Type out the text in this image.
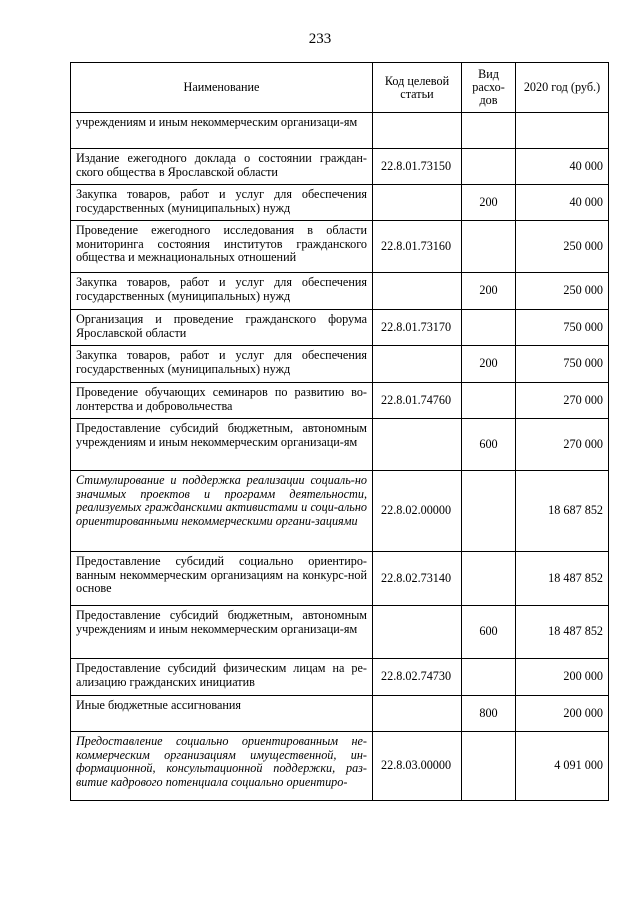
233
Наименование	Код целевой статьи	Вид расхо-дов	2020 год (руб.)
учреждениям и иным некоммерческим организаци-ям			
Издание ежегодного доклада о состоянии граждан-ского общества в Ярославской области	22.8.01.73150		40 000
Закупка товаров, работ и услуг для обеспечения государственных (муниципальных) нужд		200	40 000
Проведение ежегодного исследования в области мониторинга состояния институтов гражданского общества и межнациональных отношений	22.8.01.73160		250 000
Закупка товаров, работ и услуг для обеспечения государственных (муниципальных) нужд		200	250 000
Организация и проведение гражданского форума Ярославской области	22.8.01.73170		750 000
Закупка товаров, работ и услуг для обеспечения государственных (муниципальных) нужд		200	750 000
Проведение обучающих семинаров по развитию во-лонтерства и добровольчества	22.8.01.74760		270 000
Предоставление субсидий бюджетным, автономным учреждениям и иным некоммерческим организаци-ям		600	270 000
Стимулирование и поддержка реализации социаль-но значимых проектов и программ деятельности, реализуемых гражданскими активистами и соци-ально ориентированными некоммерческими органи-зациями	22.8.02.00000		18 687 852
Предоставление субсидий социально ориентиро-ванным некоммерческим организациям на конкурс-ной основе	22.8.02.73140		18 487 852
Предоставление субсидий бюджетным, автономным учреждениям и иным некоммерческим организаци-ям		600	18 487 852
Предоставление субсидий физическим лицам на ре-ализацию гражданских инициатив	22.8.02.74730		200 000
Иные бюджетные ассигнования		800	200 000
Предоставление социально ориентированным не-коммерческим организациям имущественной, ин-формационной, консультационной поддержки, раз-витие кадрового потенциала социально ориентиро-	22.8.03.00000		4 091 000
